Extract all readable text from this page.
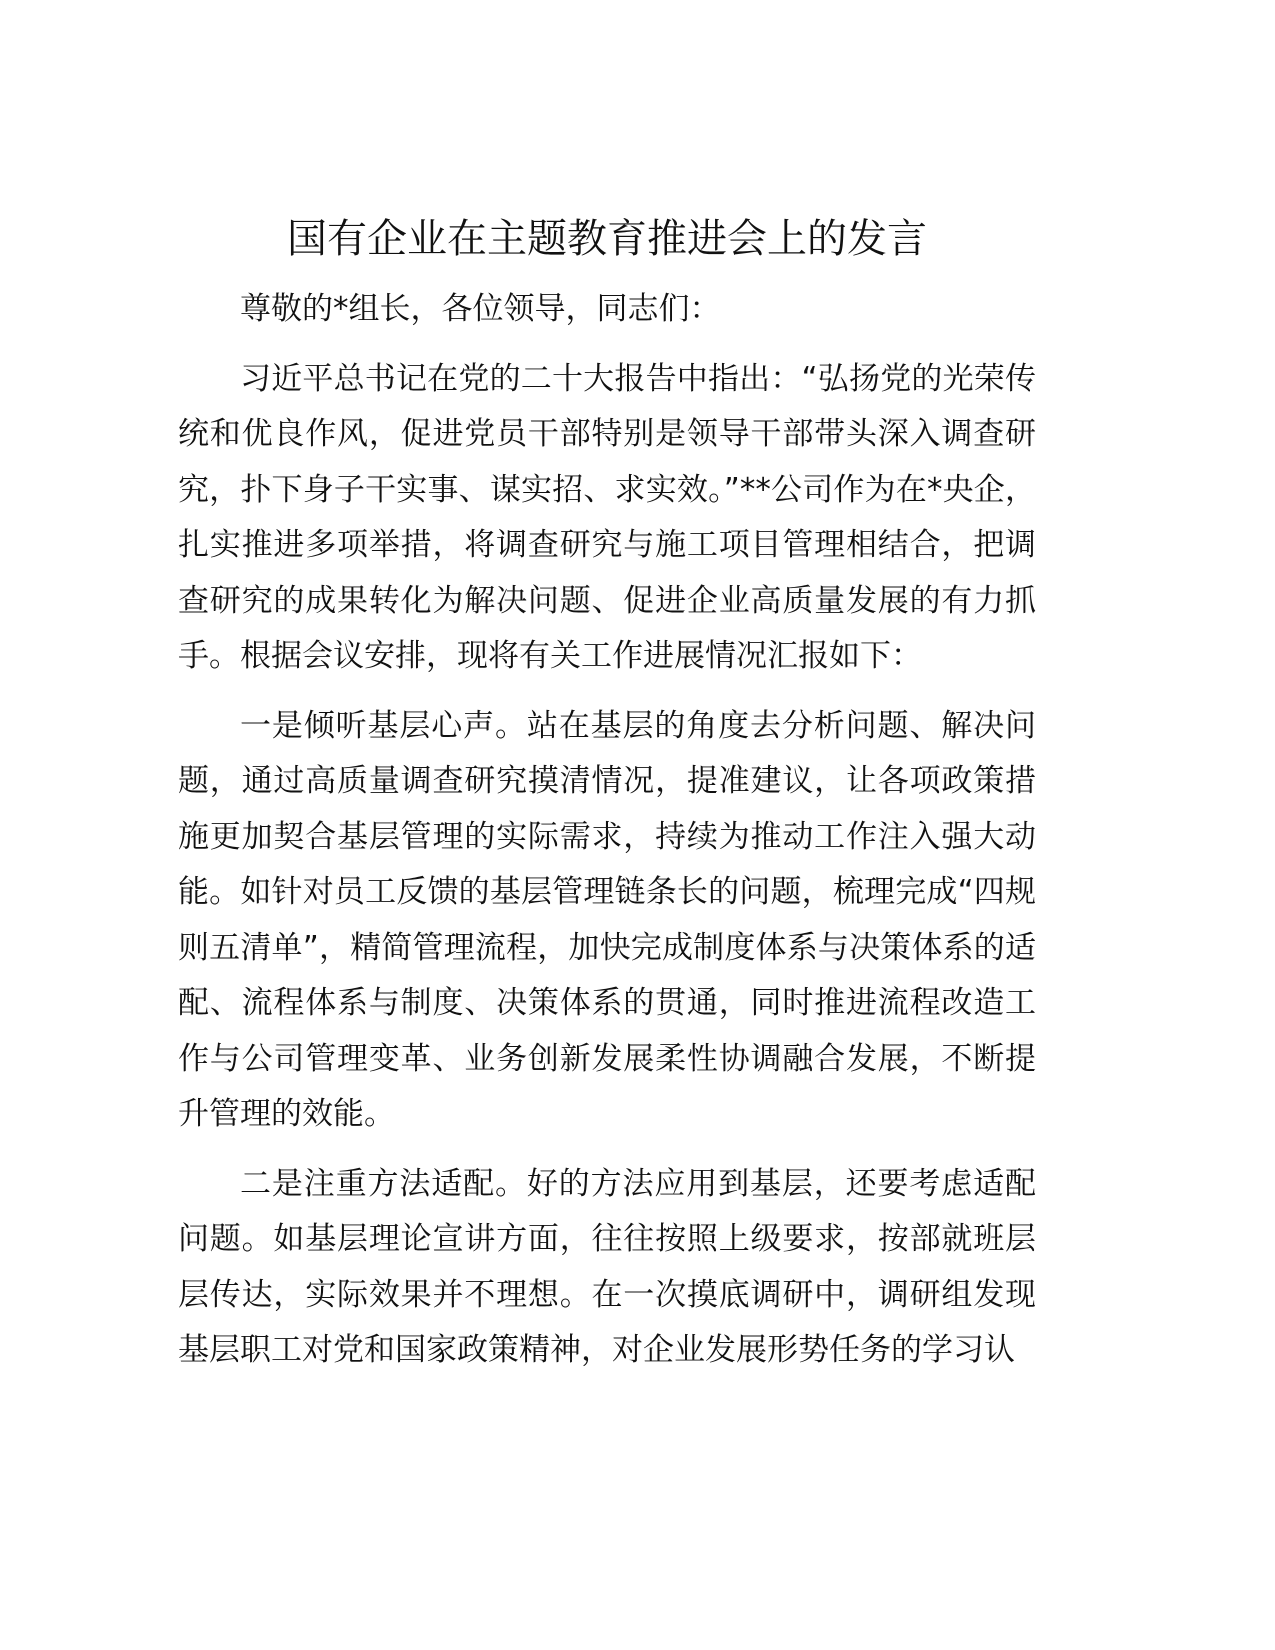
国有企业在主题教育推进会上的发言

尊敬的*组长，各位领导，同志们：

习近平总书记在党的二十大报告中指出：“弘扬党的光荣传统和优良作风，促进党员干部特别是领导干部带头深入调查研究，扑下身子干实事、谋实招、求实效。”**公司作为在*央企，扎实推进多项举措，将调查研究与施工项目管理相结合，把调查研究的成果转化为解决问题、促进企业高质量发展的有力抓手。根据会议安排，现将有关工作进展情况汇报如下：

一是倾听基层心声。站在基层的角度去分析问题、解决问题，通过高质量调查研究摸清情况，提准建议，让各项政策措施更加契合基层管理的实际需求，持续为推动工作注入强大动能。如针对员工反馈的基层管理链条长的问题，梳理完成“四规则五清单”，精简管理流程，加快完成制度体系与决策体系的适配、流程体系与制度、决策体系的贯通，同时推进流程改造工作与公司管理变革、业务创新发展柔性协调融合发展，不断提升管理的效能。

二是注重方法适配。好的方法应用到基层，还要考虑适配问题。如基层理论宣讲方面，往往按照上级要求，按部就班层层传达，实际效果并不理想。在一次摸底调研中，调研组发现基层职工对党和国家政策精神，对企业发展形势任务的学习认
